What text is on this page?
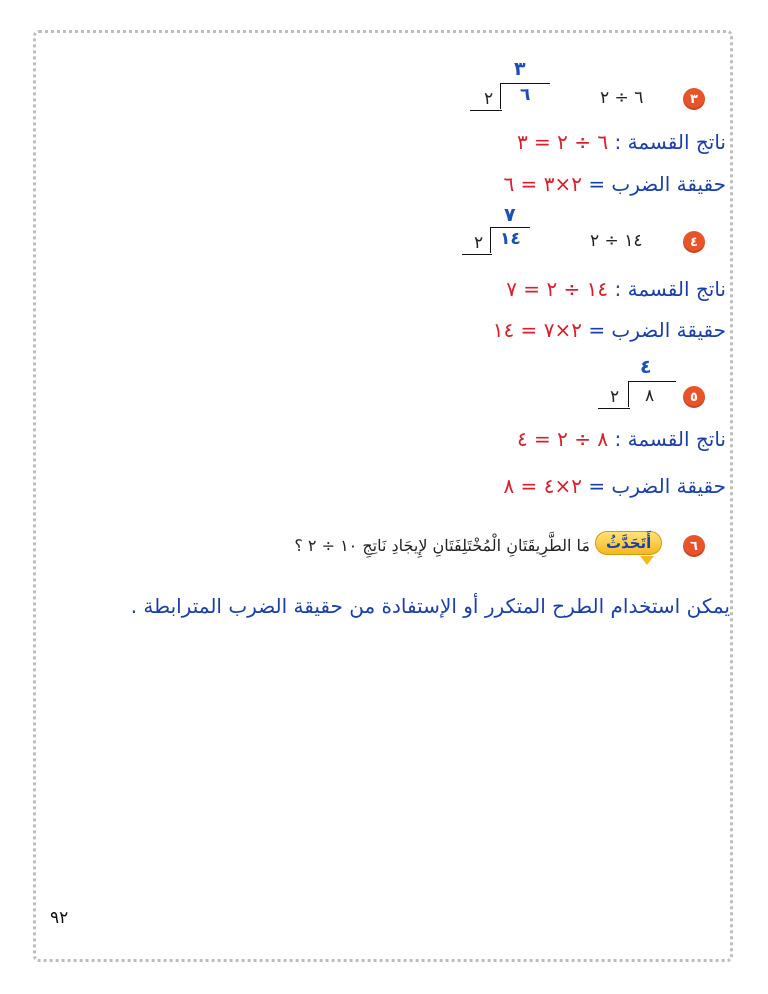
٣
٦ ÷ ٢
٣
٦
٢
ناتج القسمة : ٦ ÷ ٢ = ٣
حقيقة الضرب = ٢×٣ = ٦
٤
١٤ ÷ ٢
٧
١٤
٢
ناتج القسمة : ١٤ ÷ ٢ = ٧
حقيقة الضرب = ٢×٧ = ١٤
٥
٤
٨
٢
ناتج القسمة : ٨ ÷ ٢ = ٤
حقيقة الضرب = ٢×٤ = ٨
٦
أَتَحَدَّثُ
مَا الطَّرِيقَتَانِ الْمُخْتَلِفَتَانِ لإِيجَادِ نَاتِجِ ١٠ ÷ ٢ ؟
يمكن استخدام الطرح المتكرر أو الإستفادة من حقيقة الضرب المترابطة .
٩٢
